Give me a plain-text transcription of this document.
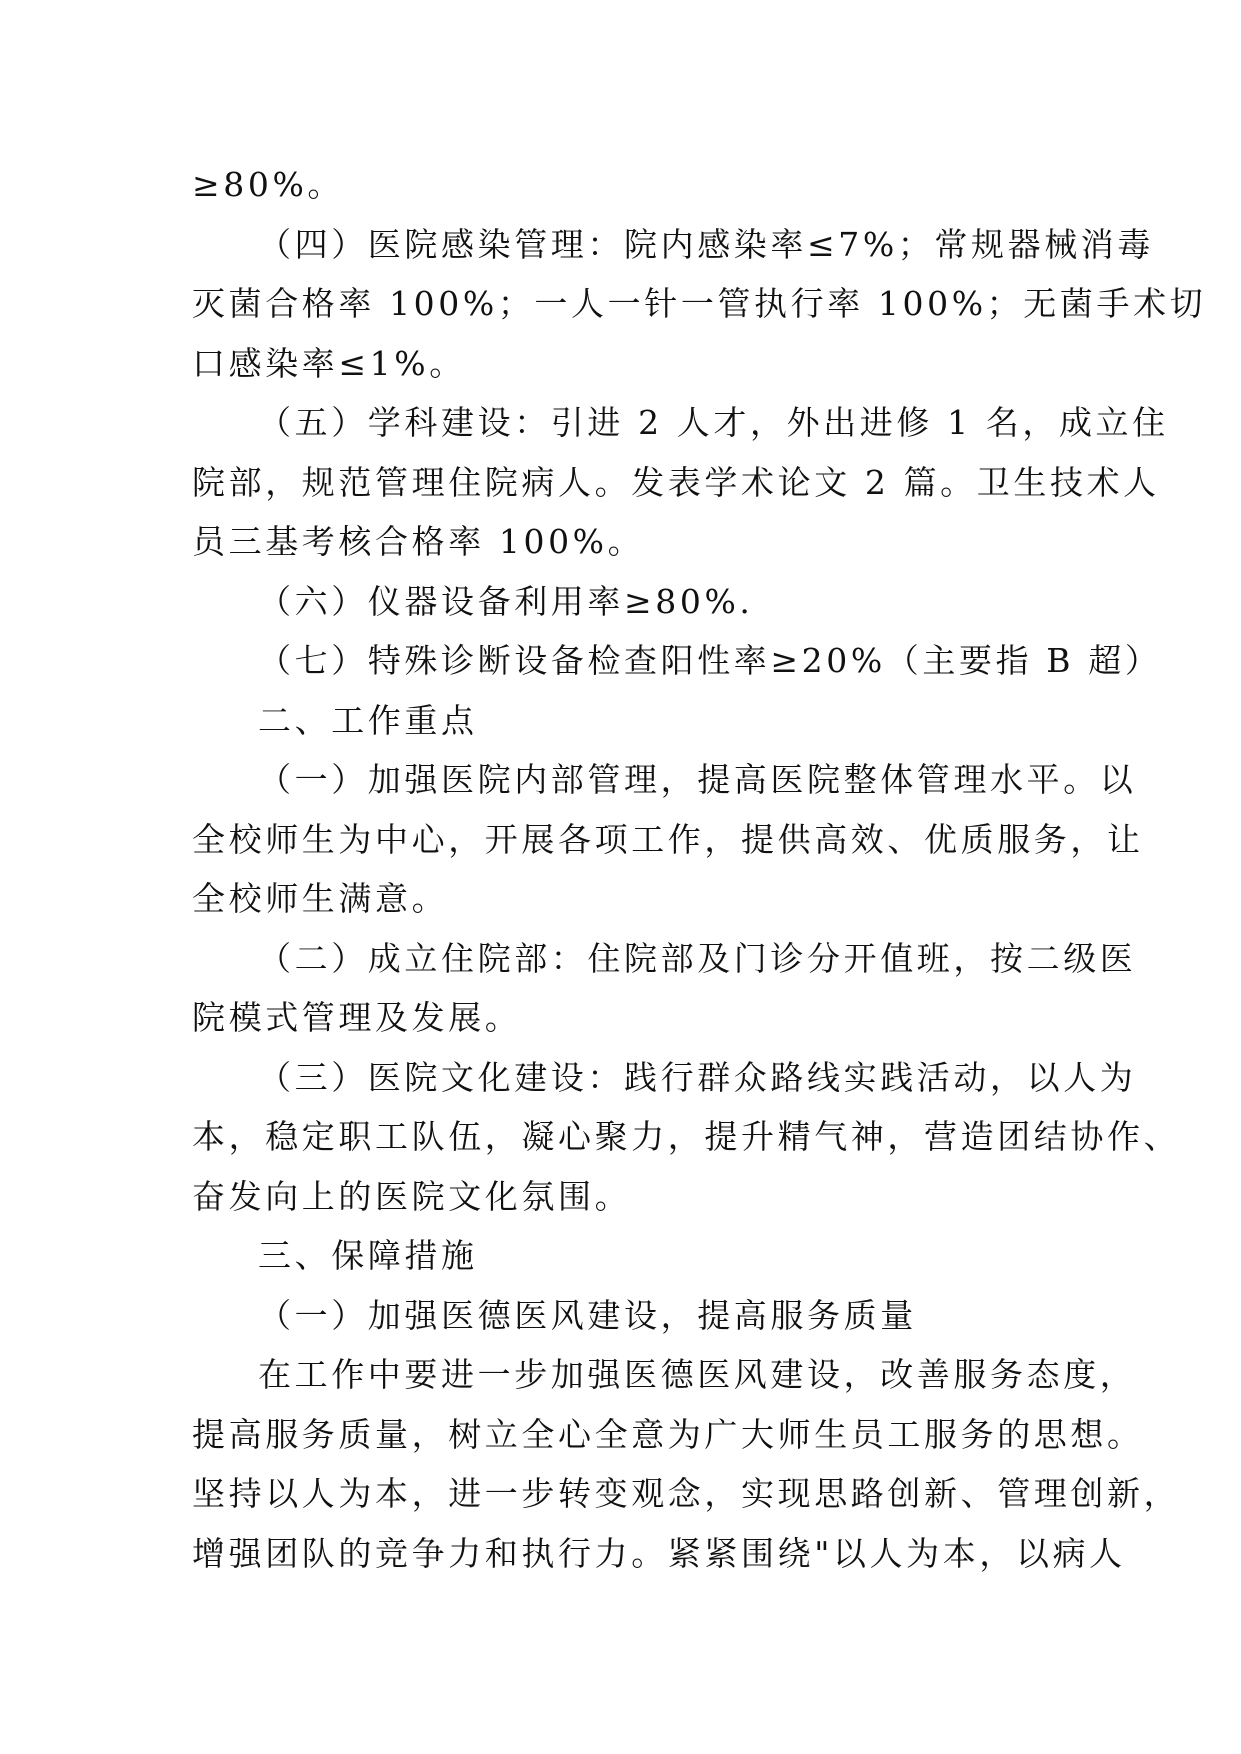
≥80%。
（四）医院感染管理：院内感染率≤7%；常规器械消毒
灭菌合格率 100%；一人一针一管执行率 100%；无菌手术切
口感染率≤1%。
（五）学科建设：引进 2 人才，外出进修 1 名，成立住
院部，规范管理住院病人。发表学术论文 2 篇。卫生技术人
员三基考核合格率 100%。
（六）仪器设备利用率≥80%.
（七）特殊诊断设备检查阳性率≥20%（主要指 B 超）
二、工作重点
（一）加强医院内部管理，提高医院整体管理水平。以
全校师生为中心，开展各项工作，提供高效、优质服务，让
全校师生满意。
（二）成立住院部：住院部及门诊分开值班，按二级医
院模式管理及发展。
（三）医院文化建设：践行群众路线实践活动，以人为
本，稳定职工队伍，凝心聚力，提升精气神，营造团结协作、
奋发向上的医院文化氛围。
三、保障措施
（一）加强医德医风建设，提高服务质量
在工作中要进一步加强医德医风建设，改善服务态度，
提高服务质量，树立全心全意为广大师生员工服务的思想。
坚持以人为本，进一步转变观念，实现思路创新、管理创新，
增强团队的竞争力和执行力。紧紧围绕"以人为本，以病人
